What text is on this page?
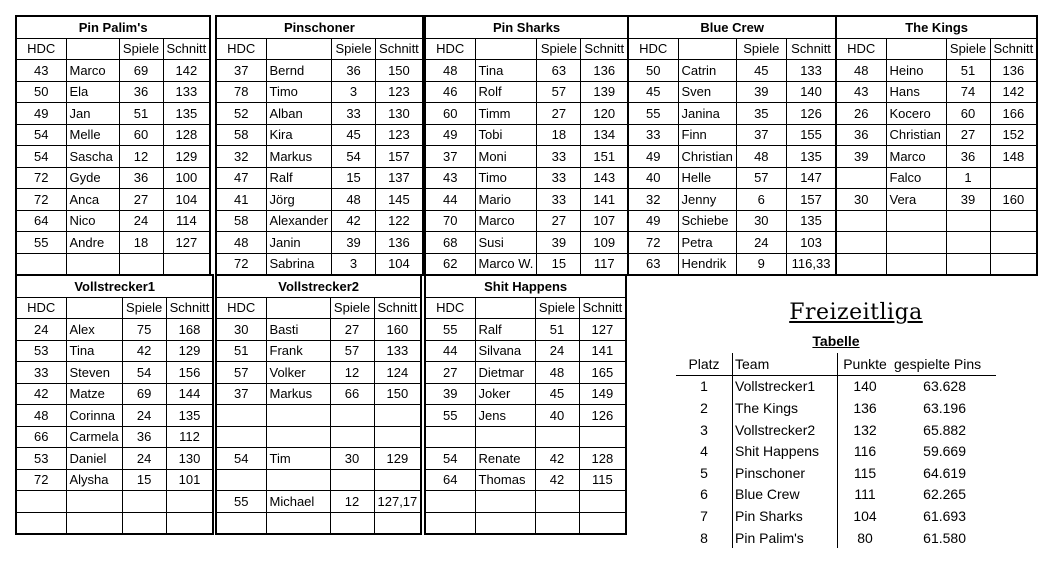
Pin Palim's			
HDC		Spiele	Schnitt
43	Marco	69	142
50	Ela	36	133
49	Jan	51	135
54	Melle	60	128
54	Sascha	12	129
72	Gyde	36	100
72	Anca	27	104
64	Nico	24	114
55	Andre	18	127

Pinschoner			
HDC		Spiele	Schnitt
37	Bernd	36	150
78	Timo	3	123
52	Alban	33	130
58	Kira	45	123
32	Markus	54	157
47	Ralf	15	137
41	Jörg	48	145
58	Alexander	42	122
48	Janin	39	136
72	Sabrina	3	104
Pin Sharks			
HDC		Spiele	Schnitt
48	Tina	63	136
46	Rolf	57	139
60	Timm	27	120
49	Tobi	18	134
37	Moni	33	151
43	Timo	33	143
44	Mario	33	141
70	Marco	27	107
68	Susi	39	109
62	Marco W.	15	117
Blue Crew			
HDC		Spiele	Schnitt
50	Catrin	45	133
45	Sven	39	140
55	Janina	35	126
33	Finn	37	155
49	Christian	48	135
40	Helle	57	147
32	Jenny	6	157
49	Schiebe	30	135
72	Petra	24	103
63	Hendrik	9	116,33
The Kings			
HDC		Spiele	Schnitt
48	Heino	51	136
43	Hans	74	142
26	Kocero	60	166
36	Christian	27	152
39	Marco	36	148
	Falco	1	
30	Vera	39	160

Vollstrecker1			
HDC		Spiele	Schnitt
24	Alex	75	168
53	Tina	42	129
33	Steven	54	156
42	Matze	69	144
48	Corinna	24	135
66	Carmela	36	112
53	Daniel	24	130
72	Alysha	15	101

Vollstrecker2			
HDC		Spiele	Schnitt
30	Basti	27	160
51	Frank	57	133
57	Volker	12	124
37	Markus	66	150

54	Tim	30	129

55	Michael	12	127,17

Shit Happens			
HDC		Spiele	Schnitt
55	Ralf	51	127
44	Silvana	24	141
27	Dietmar	48	165
39	Joker	45	149
55	Jens	40	126

54	Renate	42	128
64	Thomas	42	115

Freizeitliga
Tabelle
Platz	Team	Punkte	gespielte Pins
1	Vollstrecker1	140	63.628
2	The Kings	136	63.196
3	Vollstrecker2	132	65.882
4	Shit Happens	116	59.669
5	Pinschoner	115	64.619
6	Blue Crew	111	62.265
7	Pin Sharks	104	61.693
8	Pin Palim's	80	61.580
